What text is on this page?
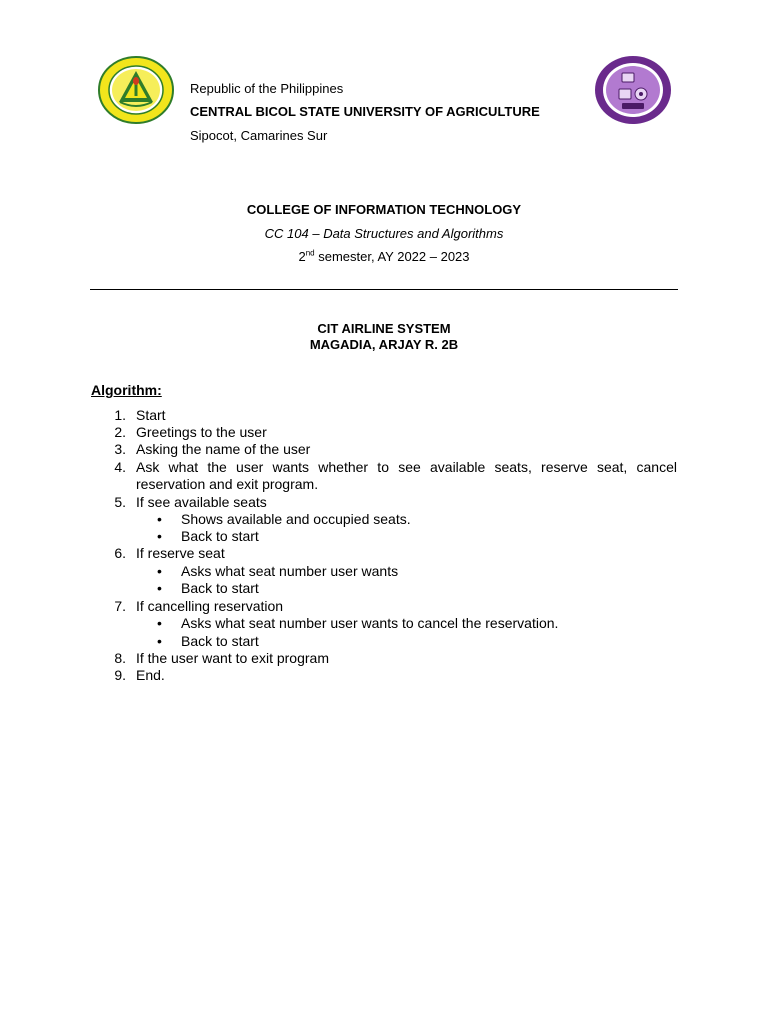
Republic of the Philippines
CENTRAL BICOL STATE UNIVERSITY OF AGRICULTURE
Sipocot, Camarines Sur
COLLEGE OF INFORMATION TECHNOLOGY
CC 104 – Data Structures and Algorithms
2nd semester, AY 2022 – 2023
CIT AIRLINE SYSTEM
MAGADIA, ARJAY R. 2B
Algorithm:
1. Start
2. Greetings to the user
3. Asking the name of the user
4. Ask what the user wants whether to see available seats, reserve seat, cancel reservation and exit program.
5. If see available seats
• Shows available and occupied seats.
• Back to start
6. If reserve seat
• Asks what seat number user wants
• Back to start
7. If cancelling reservation
• Asks what seat number user wants to cancel the reservation.
• Back to start
8. If the user want to exit program
9. End.
